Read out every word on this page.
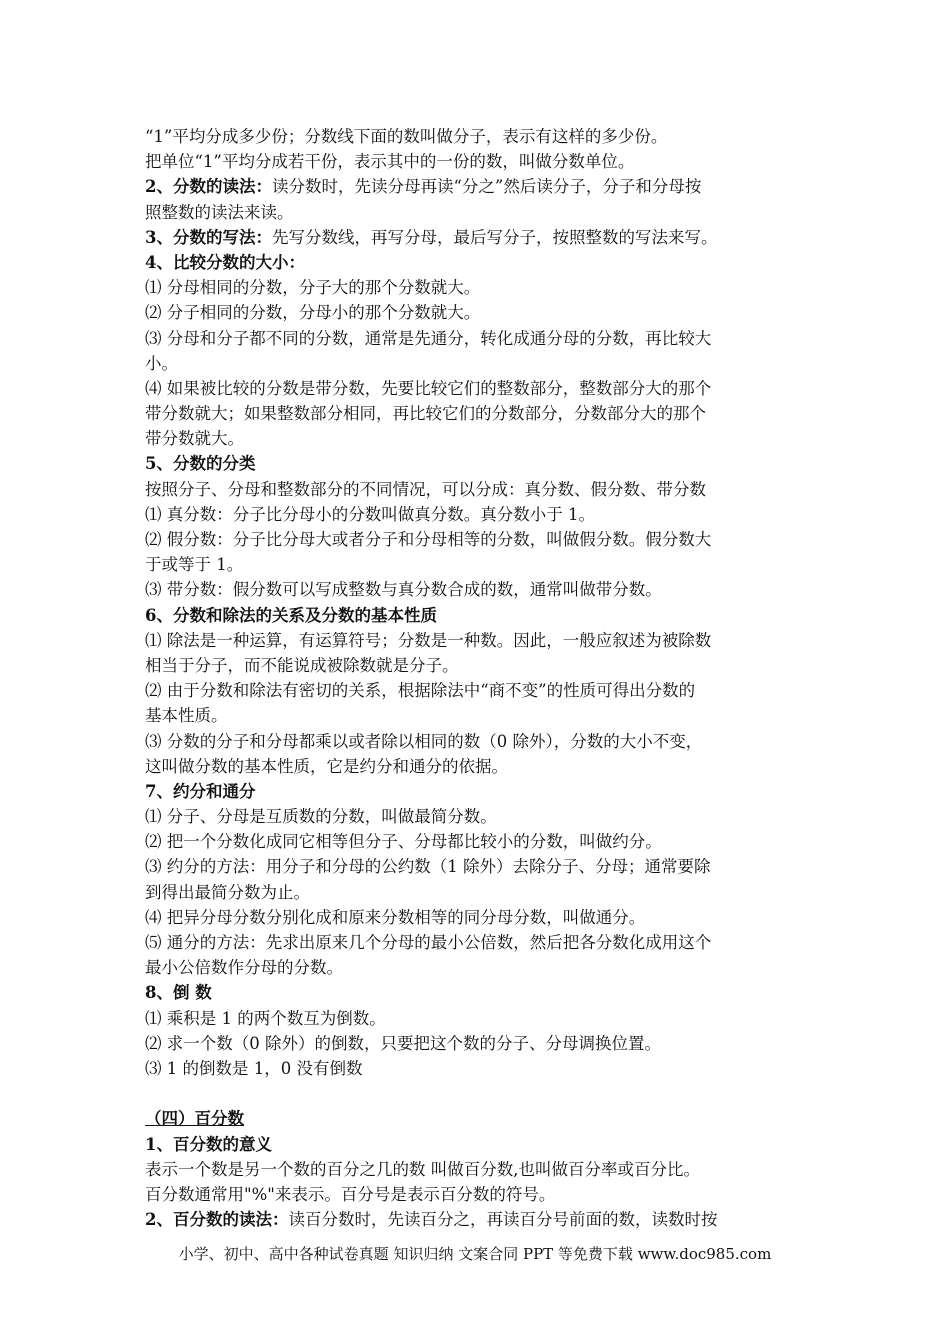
“1”平均分成多少份；分数线下面的数叫做分子，表示有这样的多少份。
把单位“1”平均分成若干份，表示其中的一份的数，叫做分数单位。
2、分数的读法：读分数时，先读分母再读“分之”然后读分子，分子和分母按
照整数的读法来读。
3、分数的写法：先写分数线，再写分母，最后写分子，按照整数的写法来写。
4、比较分数的大小：
⑴ 分母相同的分数，分子大的那个分数就大。
⑵ 分子相同的分数，分母小的那个分数就大。
⑶ 分母和分子都不同的分数，通常是先通分，转化成通分母的分数，再比较大
小。
⑷ 如果被比较的分数是带分数，先要比较它们的整数部分，整数部分大的那个
带分数就大；如果整数部分相同，再比较它们的分数部分，分数部分大的那个
带分数就大。
5、分数的分类
按照分子、分母和整数部分的不同情况，可以分成：真分数、假分数、带分数
⑴ 真分数：分子比分母小的分数叫做真分数。真分数小于 1。
⑵ 假分数：分子比分母大或者分子和分母相等的分数，叫做假分数。假分数大
于或等于 1。
⑶ 带分数：假分数可以写成整数与真分数合成的数，通常叫做带分数。
6、分数和除法的关系及分数的基本性质
⑴ 除法是一种运算，有运算符号；分数是一种数。因此，一般应叙述为被除数
相当于分子，而不能说成被除数就是分子。
⑵ 由于分数和除法有密切的关系，根据除法中“商不变”的性质可得出分数的
基本性质。
⑶ 分数的分子和分母都乘以或者除以相同的数（0 除外），分数的大小不变，
这叫做分数的基本性质，它是约分和通分的依据。
7、约分和通分
⑴ 分子、分母是互质数的分数，叫做最简分数。
⑵ 把一个分数化成同它相等但分子、分母都比较小的分数，叫做约分。
⑶ 约分的方法：用分子和分母的公约数（1 除外）去除分子、分母；通常要除
到得出最简分数为止。
⑷ 把异分母分数分别化成和原来分数相等的同分母分数，叫做通分。
⑸ 通分的方法：先求出原来几个分母的最小公倍数，然后把各分数化成用这个
最小公倍数作分母的分数。
8、倒 数
⑴ 乘积是 1 的两个数互为倒数。
⑵ 求一个数（0 除外）的倒数，只要把这个数的分子、分母调换位置。
⑶ 1 的倒数是 1，0 没有倒数
（四）百分数
1、百分数的意义
表示一个数是另一个数的百分之几的数 叫做百分数,也叫做百分率或百分比。
百分数通常用"%"来表示。百分号是表示百分数的符号。
2、百分数的读法：读百分数时，先读百分之，再读百分号前面的数，读数时按
小学、初中、高中各种试卷真题 知识归纳 文案合同 PPT 等免费下载 www.doc985.com
